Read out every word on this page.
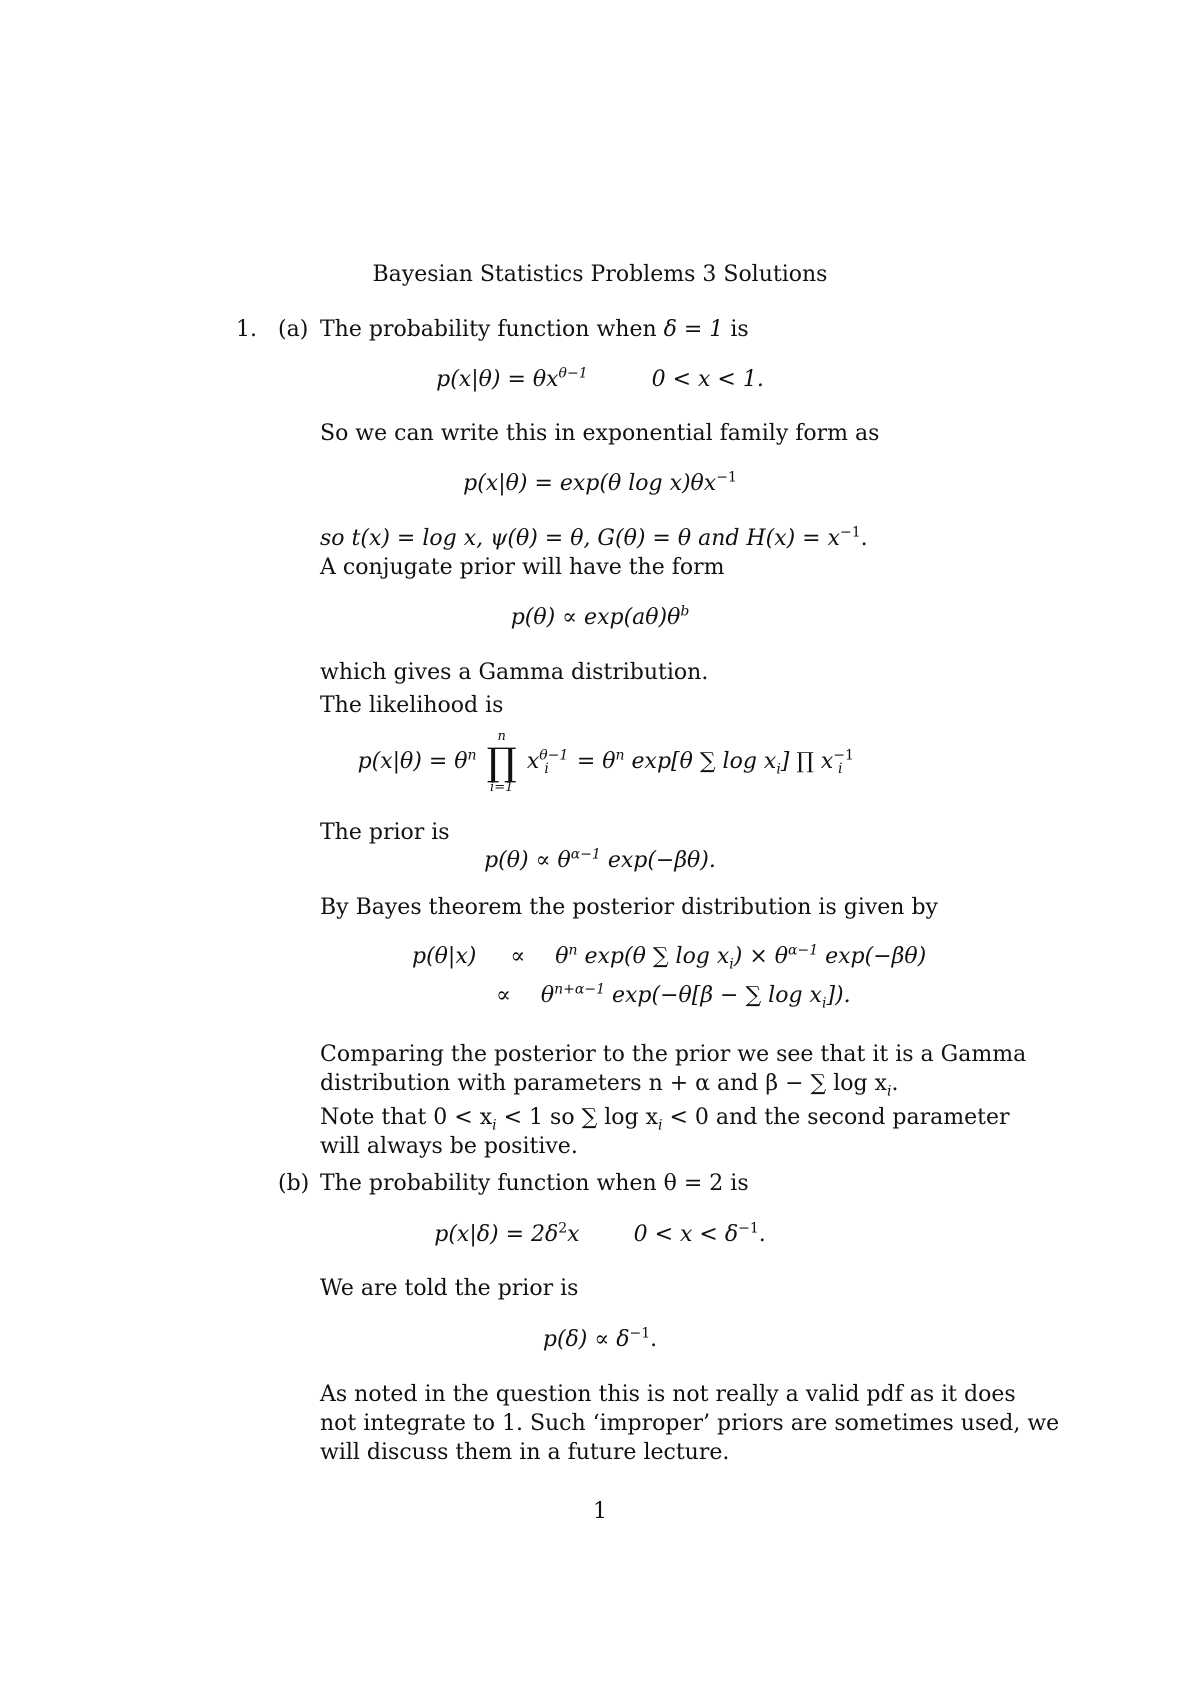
Bayesian Statistics Problems 3 Solutions
1. (a) The probability function when δ = 1 is
$p(x|\theta) = \theta x^{\theta-1}$	0 < x < 1.
So we can write this in exponential family form as
p(x|θ) = exp(θ $\log x)\theta x^{-1}$
so t(x) = log x, ψ(θ) = θ, G(θ) = θ and $H(x) = x^{-1}$.
A conjugate prior will have the form
$p(\theta) \propto \exp(a\theta)\theta^b$
which gives a Gamma distribution.
The likelihood is
$p(x|\theta) = \theta^n$
n
∏
i=1
$x^{\theta-1}_i = \theta^n$ exp[θ ∑ $\log x_i$] ∏ $x^{-1}_i$
The prior is
$p(\theta) \propto \theta^{\alpha-1}$ exp(−βθ).
By Bayes theorem the posterior distribution is given by
$p(\theta|x) \propto \theta^n$ exp(θ ∑ $\log x_i) \times \theta^{\alpha-1}$ exp(−βθ)
∝ $\theta^{n+\alpha-1}$ exp(−θ[β − ∑ $\log x_i$]).
Comparing the posterior to the prior we see that it is a Gamma
distribution with parameters n + α and β − ∑ $\log x_i$.
Note that $0 < x_i < 1$ so ∑ $\log x_i < 0$ and the second parameter
will always be positive.
(b) The probability function when θ = 2 is
$p(x|\delta) = 2\delta^2x$ $0 < x < \delta^{-1}$.
We are told the prior is
$p(\delta) \propto \delta^{-1}$.
As noted in the question this is not really a valid pdf as it does
not integrate to 1. Such ‘improper’ priors are sometimes used, we
will discuss them in a future lecture.
1
